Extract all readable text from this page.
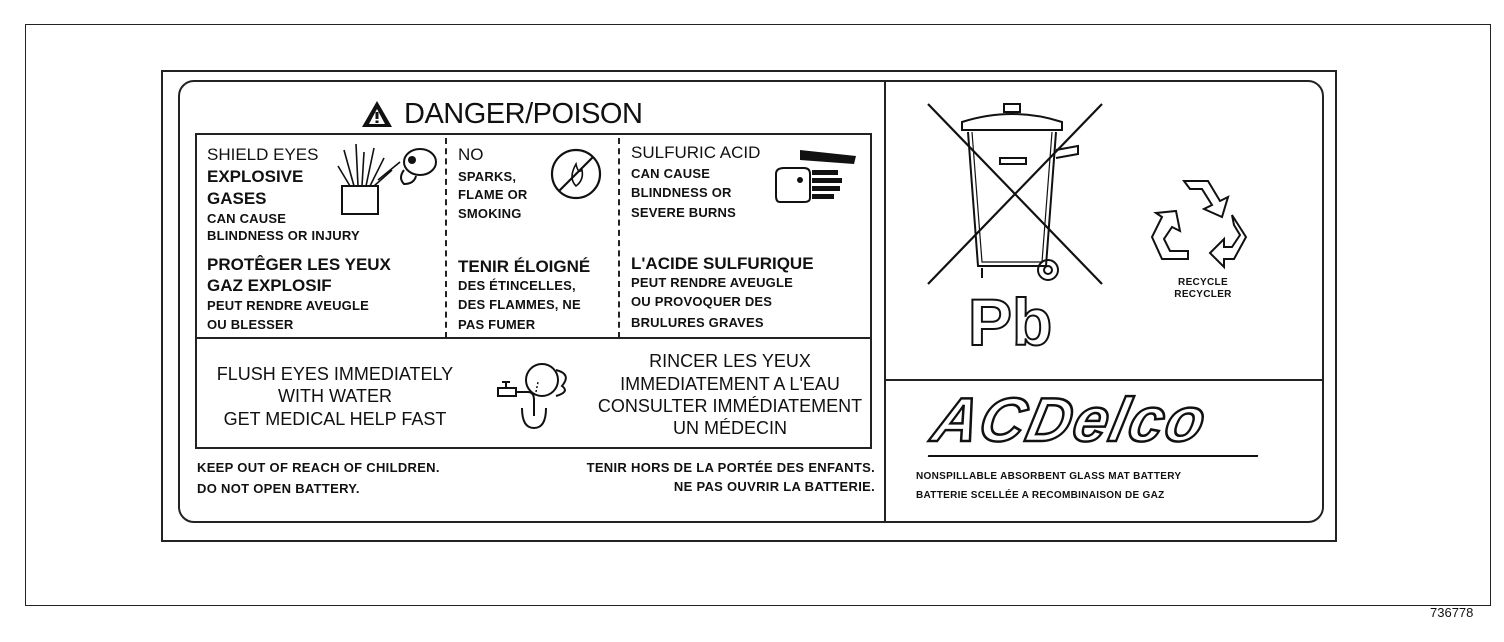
DANGER/POISON
SHIELD EYES
EXPLOSIVE
GASES
CAN CAUSE
BLINDNESS OR INJURY
PROTÊGER LES YEUX
GAZ EXPLOSIF
PEUT RENDRE AVEUGLE
OU BLESSER
NO
SPARKS,
FLAME OR
SMOKING
TENIR ÉLOIGNÉ
DES ÉTINCELLES,
DES FLAMMES, NE
PAS FUMER
SULFURIC ACID
CAN CAUSE
BLINDNESS OR
SEVERE BURNS
L'ACIDE SULFURIQUE
PEUT RENDRE AVEUGLE
OU PROVOQUER DES
BRULURES GRAVES
FLUSH EYES IMMEDIATELY
WITH WATER
GET MEDICAL HELP FAST
RINCER LES YEUX
IMMEDIATEMENT A L'EAU
CONSULTER IMMÉDIATEMENT
UN MÉDECIN
KEEP OUT OF REACH OF CHILDREN.
DO NOT OPEN BATTERY.
TENIR HORS DE LA PORTÉE DES ENFANTS.
NE PAS OUVRIR LA BATTERIE.
Pb
RECYCLE
RECYCLER
ACDelco
NONSPILLABLE ABSORBENT GLASS MAT BATTERY
BATTERIE SCELLÉE A RECOMBINAISON DE GAZ
736778
